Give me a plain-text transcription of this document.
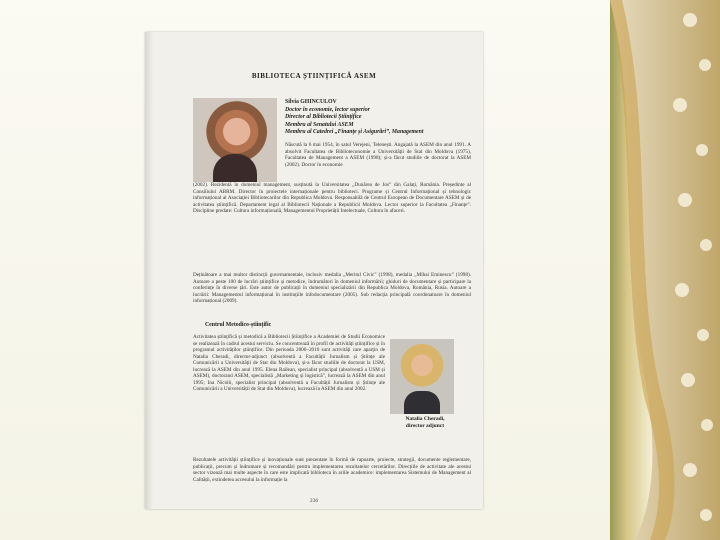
BIBLIOTECA ȘTIINȚIFICĂ ASEM
Silvia GHINCULOV
Doctor în economie, lector superior
Director al Bibliotecii Științifice
Membru al Senatului ASEM
Membru al Catedrei „Finanțe și Asigurări”, Management
Născută la 6 mai 1954, în satul Verejeni, Telenești. Angajată la ASEM din anul 1991. A absolvit Facultatea de Biblioteconomie a Universității de Stat din Moldova (1975), Facultatea de Management a ASEM (1998); și-a făcut studiile de doctorat la ASEM (2002). Doctor în economie
(2002). Rezidentă în domeniul management, susținută la Universitatea „Dunărea de Jos” din Galați, România. Președinte al Consiliului ABRM. Director în proiectele internaționale pentru biblioteci. Programe și Centrul Informațional și tehnologic informațional al Asociației Bibliotecarilor din Republica Moldova. Responsabilă de Centrul European de Documentare ASEM și de activitatea științifică. Departament legal al Bibliotecii Naționale a Republicii Moldova. Lector superior la Facultatea „Finanțe”. Discipline predate: Cultura informațională, Managementul Proprietății Intelectuale, Cultura în afaceri.
Deținătoare a mai multor distincții guvernamentale, inclusiv medalia „Meritul Civic” (1998), medalia „Mihai Eminescu” (1998). Autoare a peste 100 de lucrări științifice și metodice, îndrumători în domeniul informării; ghiduri de documentare și participare la conferințe în diverse țări. Este autor de publicații în domeniul specializării din Republica Moldova, România, Rusia. Autoare a lucrării: Managementul informațional în instituțiile infodocumentare (2005). Sub redacția principală coordonatoare în domeniul informațional (2009).
Centrul Metodico-științific
Activitatea științifică și metodică a Bibliotecii Științifice a Academiei de Studii Economice se realizează în cadrul acestui serviciu. Se concentrează în profil de activități științifice și în programul activităților științifice. Din perioada 2006–2010 sunt activități care aparțin de Natalia Cheradi, director-adjunct (absolventă a Facultății Jurnalism și Științe ale Comunicării a Universității de Stat din Moldova), și-a făcut studiile de doctorat la USM, lucrează la ASEM din anul 1995. Elena Railean, specialist principal (absolventă a USM și ASEM), doctorand ASEM, specialistă „Marketing și logistică”, lucrează la ASEM din anul 1995; Ina Nicolii, specialist principal (absolventă a Facultății Jurnalism și Științe ale Comunicării a Universității de Stat din Moldova), lucrează la ASEM din anul 2002.
Natalia Cheradi,
director adjunct
Rezultatele activității științifice și inovaționale sunt prezentate în formă de rapoarte, proiecte, strategii, documente reglementare, publicații, precum și îndrumare și recomandări pentru implementarea rezultatelor cercetărilor. Direcțiile de activitate ale acestui sector vizează mai multe aspecte în care este implicată biblioteca în ariile academice: implementarea Sistemului de Management al Calității, extinderea accesului la informație la
236
